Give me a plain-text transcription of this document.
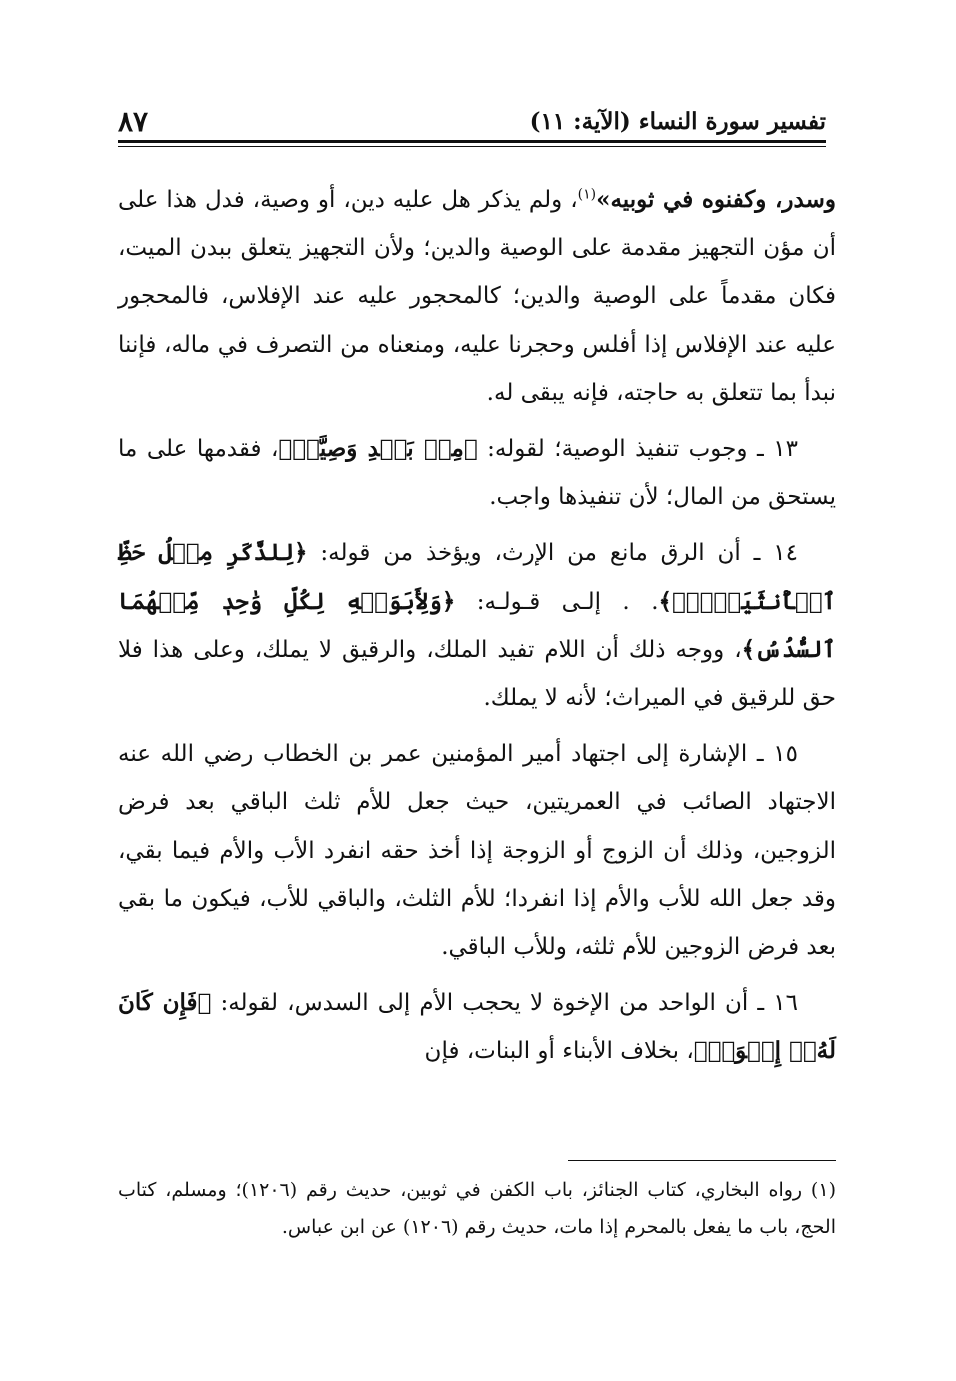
تفسير سورة النساء (الآية: ١١)
٨٧

وسدر، وكفنوه في ثوبيه»$^{(١)}$، ولم يذكر هل عليه دين، أو وصية، فدل هذا على أن مؤن التجهيز مقدمة على الوصية والدين؛ ولأن التجهيز يتعلق ببدن الميت، فكان مقدماً على الوصية والدين؛ كالمحجور عليه عند الإفلاس، فالمحجور عليه عند الإفلاس إذا أفلس وحجرنا عليه، ومنعناه من التصرف في ماله، فإننا نبدأ بما تتعلق به حاجته، فإنه يبقى له.

١٣ ـ وجوب تنفيذ الوصية؛ لقوله: ﴿مِنۢ بَعۡدِ وَصِيَّةٖ﴾، فقدمها على ما يستحق من المال؛ لأن تنفيذها واجب.

١٤ ـ أن الرق مانع من الإرث، ويؤخذ من قوله: ﴿لِلذَّكَرِ مِثۡلُ حَظِّ ٱلۡأُنثَيَيۡنِۚ﴾. . إلـى قـولـه: ﴿وَلِأَبَوَيۡهِ لِكُلِّ وَٰحِدٖ مِّنۡهُمَا ٱلسُّدُسُ﴾، ووجه ذلك أن اللام تفيد الملك، والرقيق لا يملك، وعلى هذا فلا حق للرقيق في الميراث؛ لأنه لا يملك.

١٥ ـ الإشارة إلى اجتهاد أمير المؤمنين عمر بن الخطاب رضي الله عنه الاجتهاد الصائب في العمريتين، حيث جعل للأم ثلث الباقي بعد فرض الزوجين، وذلك أن الزوج أو الزوجة إذا أخذ حقه انفرد الأب والأم فيما بقي، وقد جعل الله للأب والأم إذا انفردا؛ للأم الثلث، والباقي للأب، فيكون ما بقي بعد فرض الزوجين للأم ثلثه، وللأب الباقي.

١٦ ـ أن الواحد من الإخوة لا يحجب الأم إلى السدس، لقوله: ﴿فَإِن كَانَ لَهُۥٓ إِخۡوَةٞ﴾، بخلاف الأبناء أو البنات، فإن

(١) رواه البخاري، كتاب الجنائز، باب الكفن في ثوبين، حديث رقم (١٢٠٦)؛ ومسلم، كتاب الحج، باب ما يفعل بالمحرم إذا مات، حديث رقم (١٢٠٦) عن ابن عباس.
